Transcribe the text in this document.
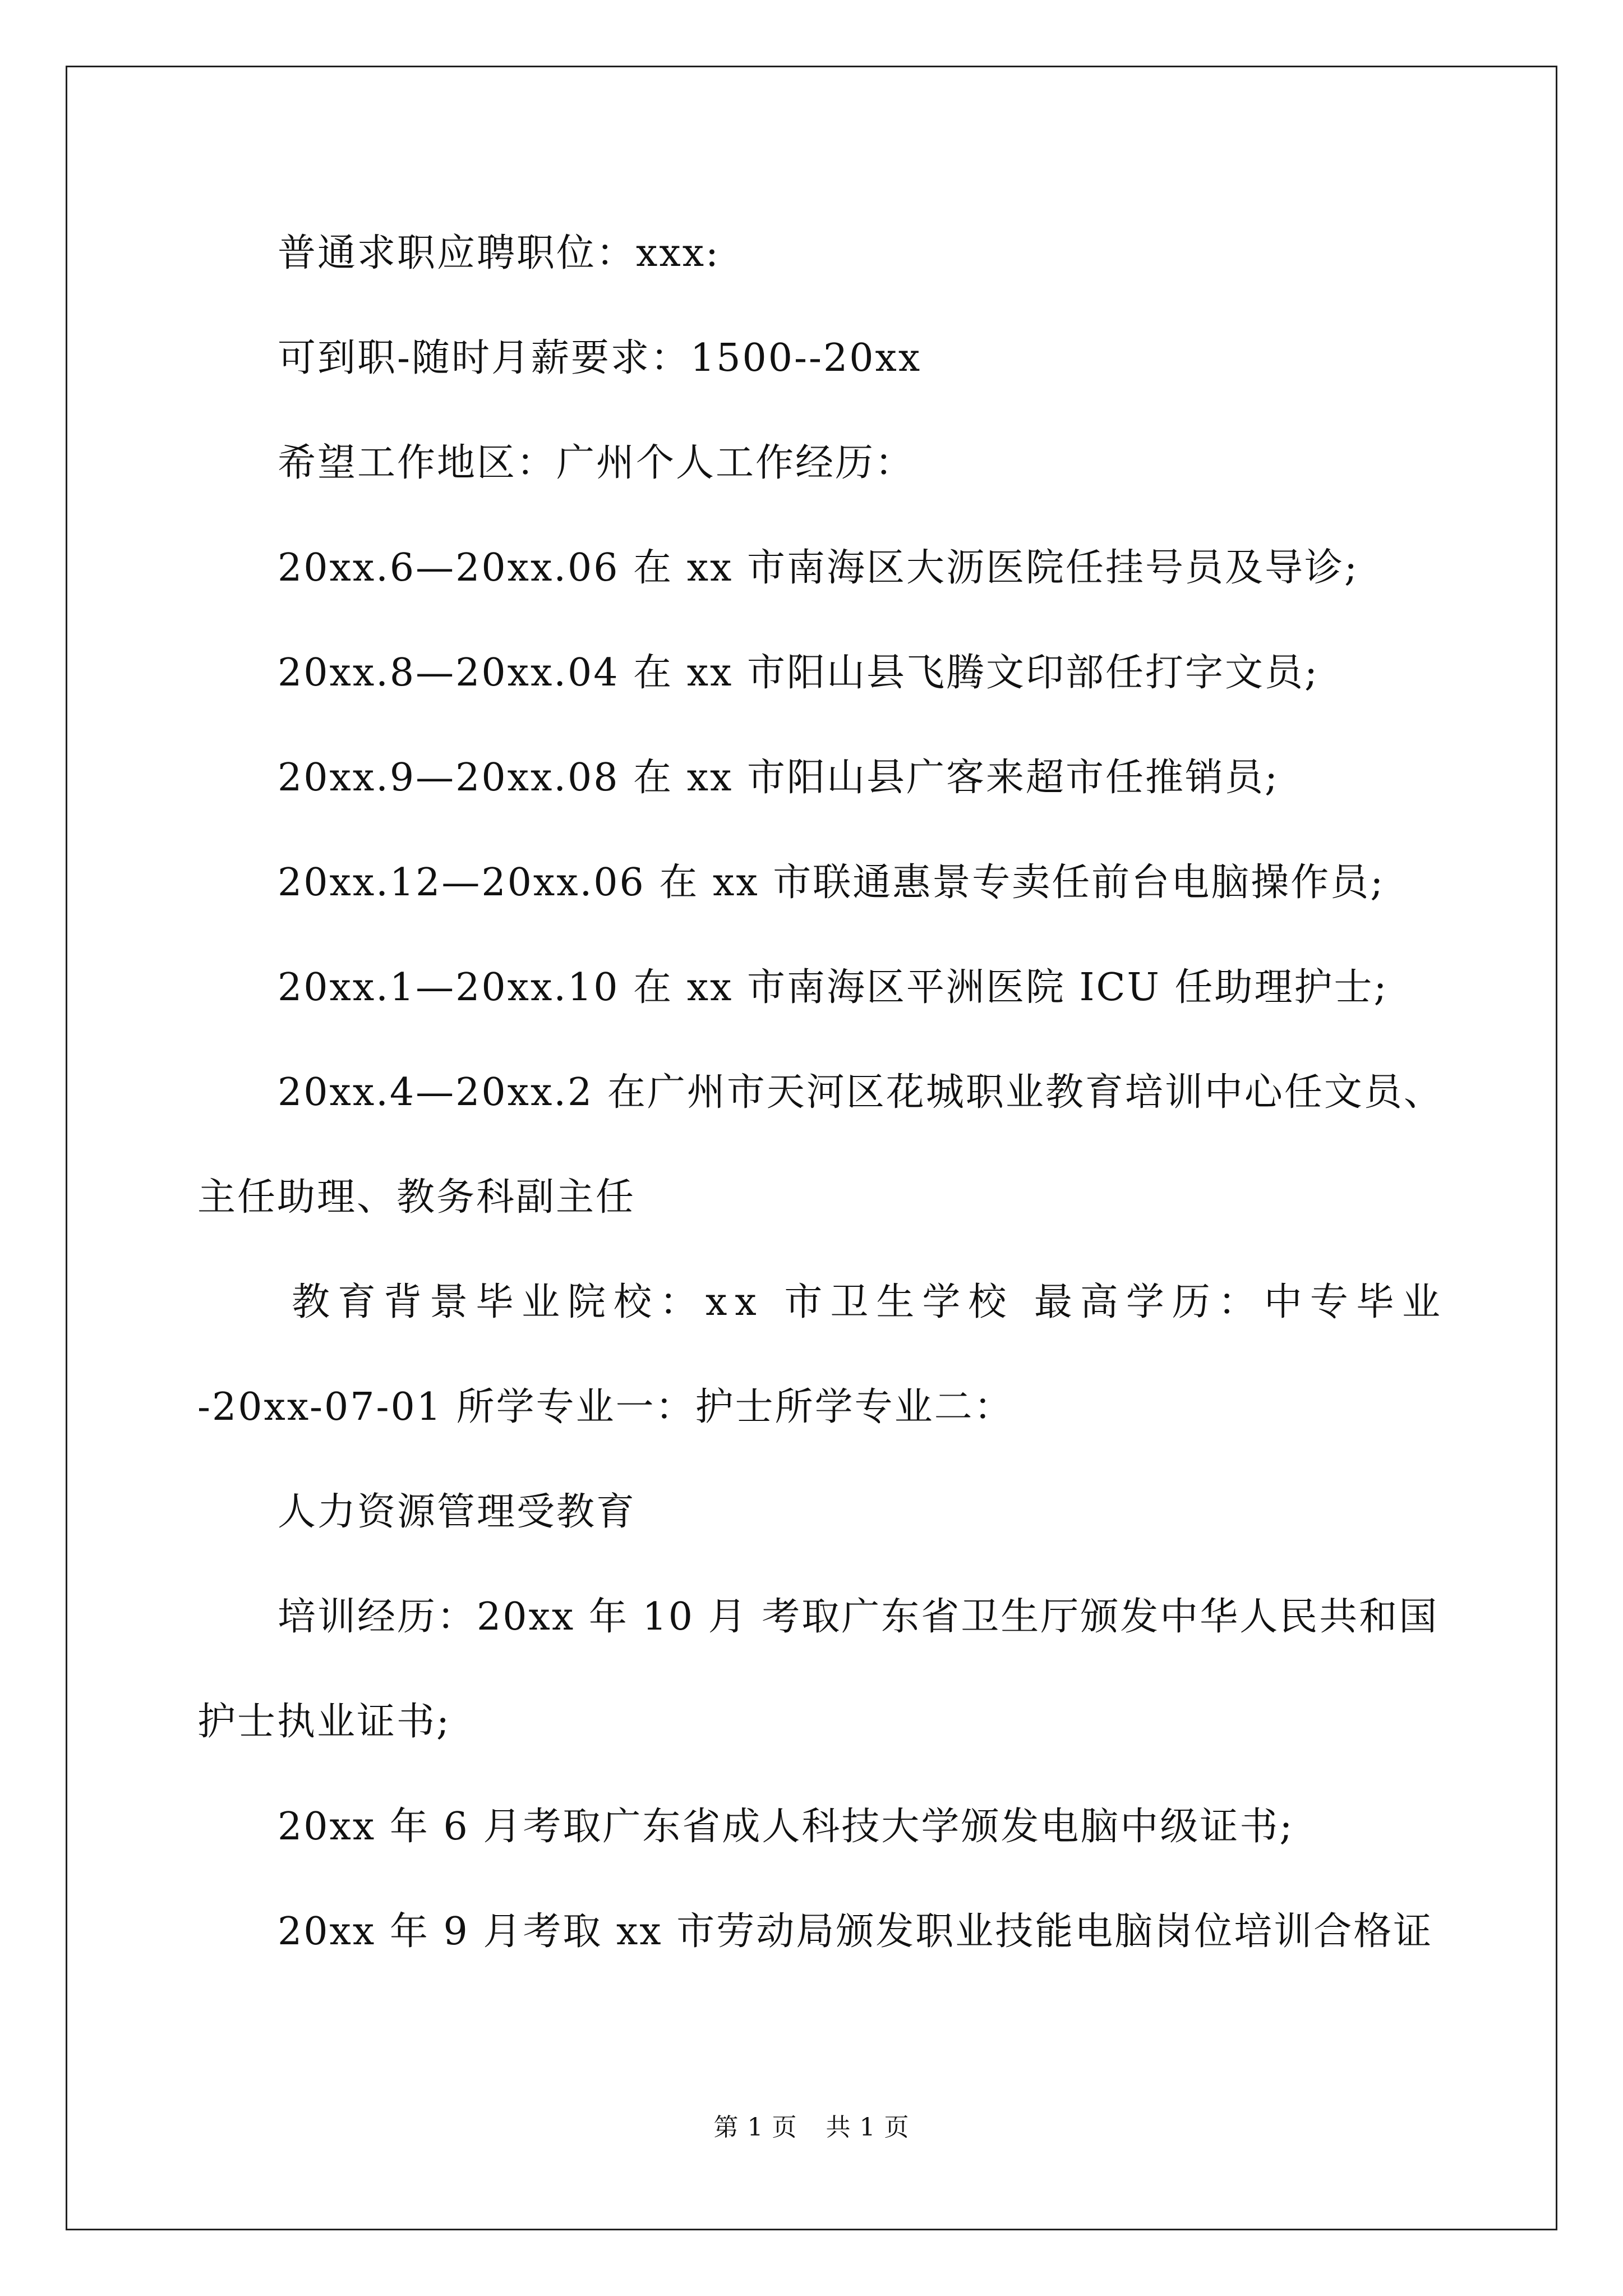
普通求职应聘职位：xxx:
可到职-随时月薪要求：1500--20xx
希望工作地区：广州个人工作经历：
20xx.6—20xx.06 在 xx 市南海区大沥医院任挂号员及导诊;
20xx.8—20xx.04 在 xx 市阳山县飞腾文印部任打字文员;
20xx.9—20xx.08 在 xx 市阳山县广客来超市任推销员;
20xx.12—20xx.06 在 xx 市联通惠景专卖任前台电脑操作员;
20xx.1—20xx.10 在 xx 市南海区平洲医院 ICU 任助理护士;
20xx.4—20xx.2 在广州市天河区花城职业教育培训中心任文员、
主任助理、教务科副主任
教育背景毕业院校：xx 市卫生学校 最高学历：中专毕业
-20xx-07-01 所学专业一：护士所学专业二：
人力资源管理受教育
培训经历：20xx 年 10 月 考取广东省卫生厅颁发中华人民共和国
护士执业证书;
20xx 年 6 月考取广东省成人科技大学颁发电脑中级证书;
20xx 年 9 月考取 xx 市劳动局颁发职业技能电脑岗位培训合格证
第 1 页 共 1 页
